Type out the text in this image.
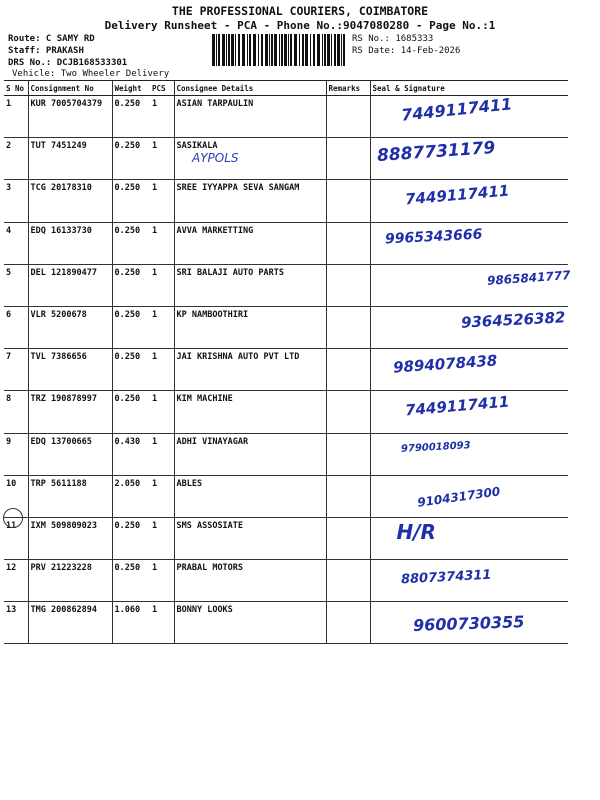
THE PROFESSIONAL COURIERS, COIMBATORE
Delivery Runsheet - PCA - Phone No.:9047080280 - Page No.:1
Route: C SAMY RD
Staff: PRAKASH
DRS No.: DCJB168533301
Vehicle: Two Wheeler Delivery
RS No.: 1685333
RS Date: 14-Feb-2026
S No	Consignment No	Weight	PCS	Consignee Details	Remarks	Seal & Signature
1	KUR 7005704379	0.250	1	ASIAN TARPAULIN		7449117411

2	TUT 7451249	0.250	1	SASIKALA		8887731179

3	TCG 20178310	0.250	1	SREE IYYAPPA SEVA SANGAM		7449117411

4	EDQ 16133730	0.250	1	AVVA MARKETTING		9965343666

5	DEL 121890477	0.250	1	SRI BALAJI AUTO PARTS		9865841777

6	VLR 5200678	0.250	1	KP NAMBOOTHIRI		9364526382

7	TVL 7386656	0.250	1	JAI KRISHNA AUTO PVT LTD		9894078438

8	TRZ 190878997	0.250	1	KIM MACHINE		7449117411

9	EDQ 13700665	0.430	1	ADHI VINAYAGAR		9790018093

10	TRP 5611188	2.050	1	ABLES		9104317300

11	IXM 509809023	0.250	1	SMS ASSOSIATE		H/R

12	PRV 21223228	0.250	1	PRABAL MOTORS		8807374311

13	TMG 200862894	1.060	1	BONNY LOOKS		9600730355
AYPOLS
